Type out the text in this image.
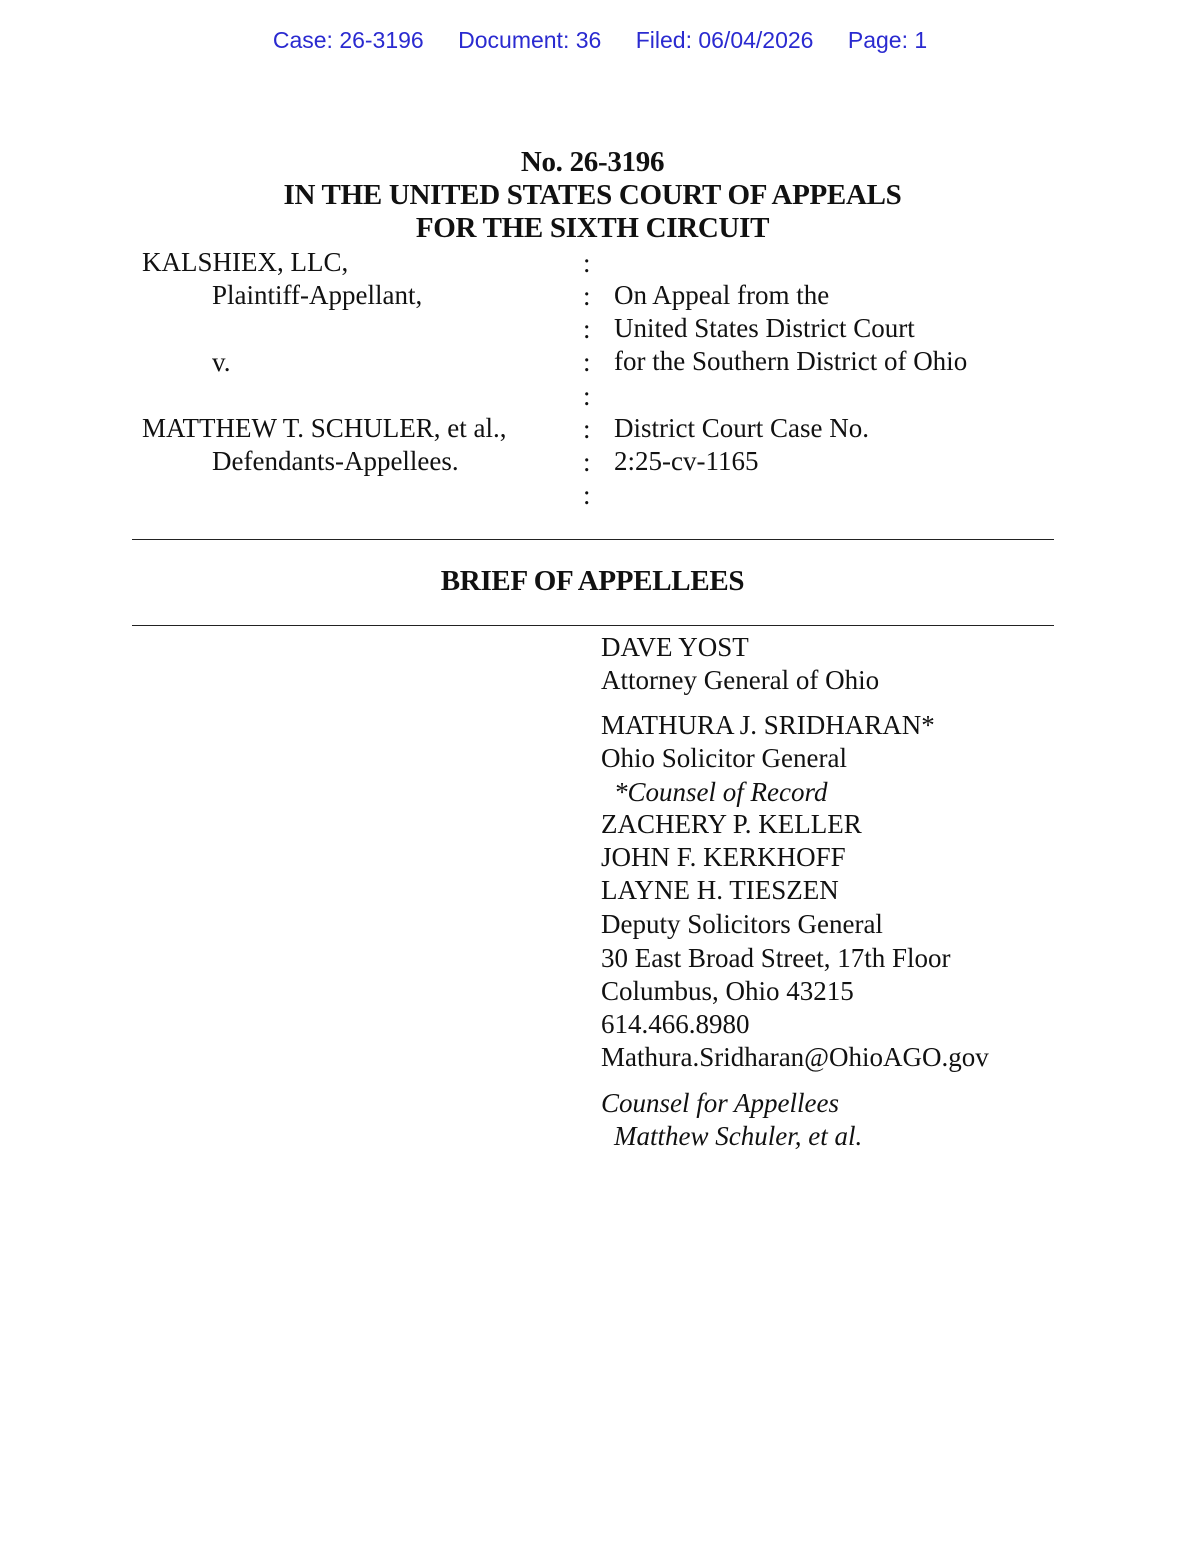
Case: 26-3196 Document: 36 Filed: 06/04/2026 Page: 1
No. 26-3196
IN THE UNITED STATES COURT OF APPEALS
FOR THE SIXTH CIRCUIT
KALSHIEX, LLC,
Plaintiff-Appellant,
v.
MATTHEW T. SCHULER, et al.,
Defendants-Appellees.
:
:
:
:
:
:
:
:
On Appeal from the
United States District Court
for the Southern District of Ohio
District Court Case No.
2:25-cv-1165
BRIEF OF APPELLEES
DAVE YOST
Attorney General of Ohio
MATHURA J. SRIDHARAN*
Ohio Solicitor General
*Counsel of Record
ZACHERY P. KELLER
JOHN F. KERKHOFF
LAYNE H. TIESZEN
Deputy Solicitors General
30 East Broad Street, 17th Floor
Columbus, Ohio 43215
614.466.8980
Mathura.Sridharan@OhioAGO.gov
Counsel for Appellees
Matthew Schuler, et al.
